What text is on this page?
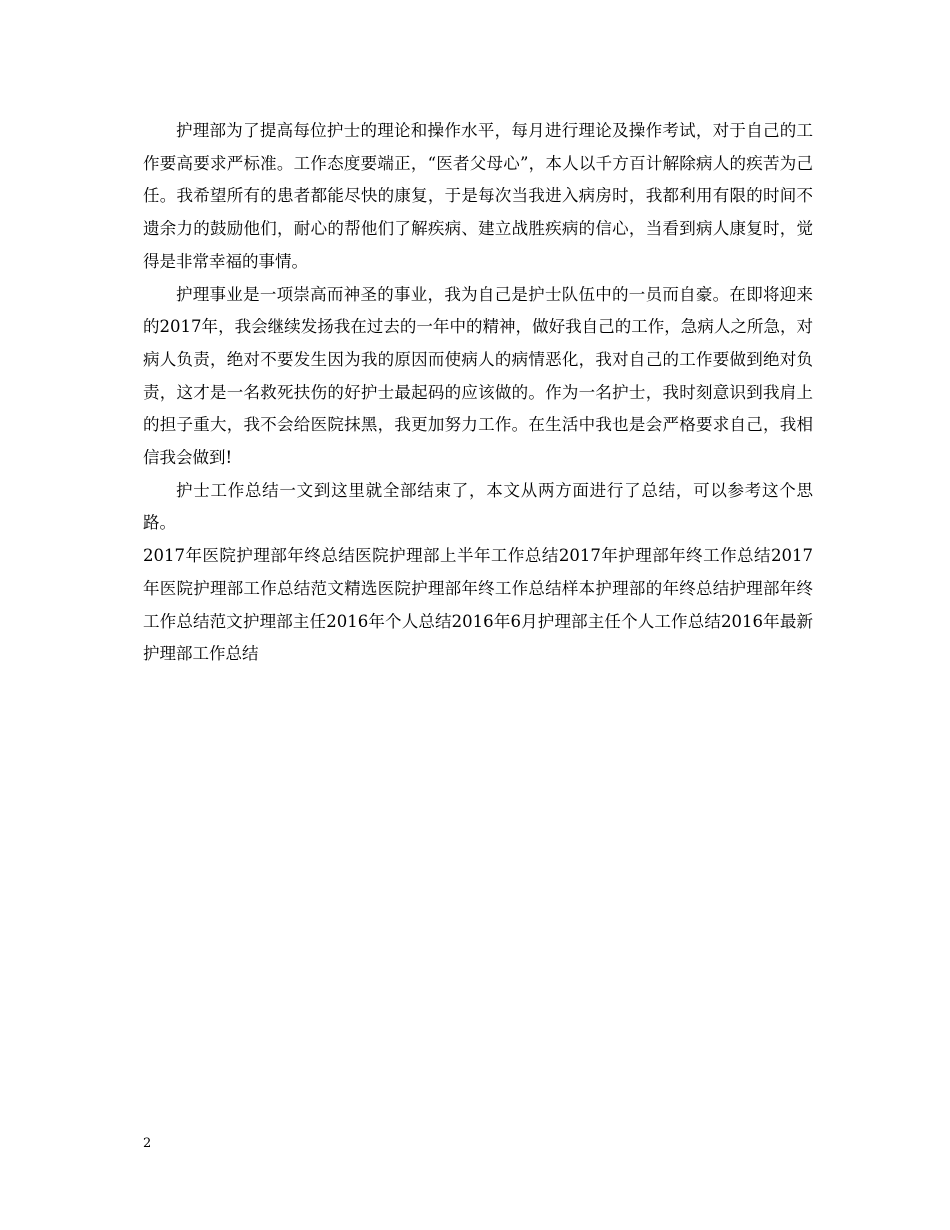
护理部为了提高每位护士的理论和操作水平，每月进行理论及操作考试，对于自己的工作要高要求严标准。工作态度要端正，“医者父母心”，本人以千方百计解除病人的疾苦为己任。我希望所有的患者都能尽快的康复，于是每次当我进入病房时，我都利用有限的时间不遗余力的鼓励他们，耐心的帮他们了解疾病、建立战胜疾病的信心，当看到病人康复时，觉得是非常幸福的事情。

护理事业是一项崇高而神圣的事业，我为自己是护士队伍中的一员而自豪。在即将迎来的2017年，我会继续发扬我在过去的一年中的精神，做好我自己的工作，急病人之所急，对病人负责，绝对不要发生因为我的原因而使病人的病情恶化，我对自己的工作要做到绝对负责，这才是一名救死扶伤的好护士最起码的应该做的。作为一名护士，我时刻意识到我肩上的担子重大，我不会给医院抹黑，我更加努力工作。在生活中我也是会严格要求自己，我相信我会做到!

护士工作总结一文到这里就全部结束了，本文从两方面进行了总结，可以参考这个思路。

2017年医院护理部年终总结医院护理部上半年工作总结2017年护理部年终工作总结2017年医院护理部工作总结范文精选医院护理部年终工作总结样本护理部的年终总结护理部年终工作总结范文护理部主任2016年个人总结2016年6月护理部主任个人工作总结2016年最新护理部工作总结

2
